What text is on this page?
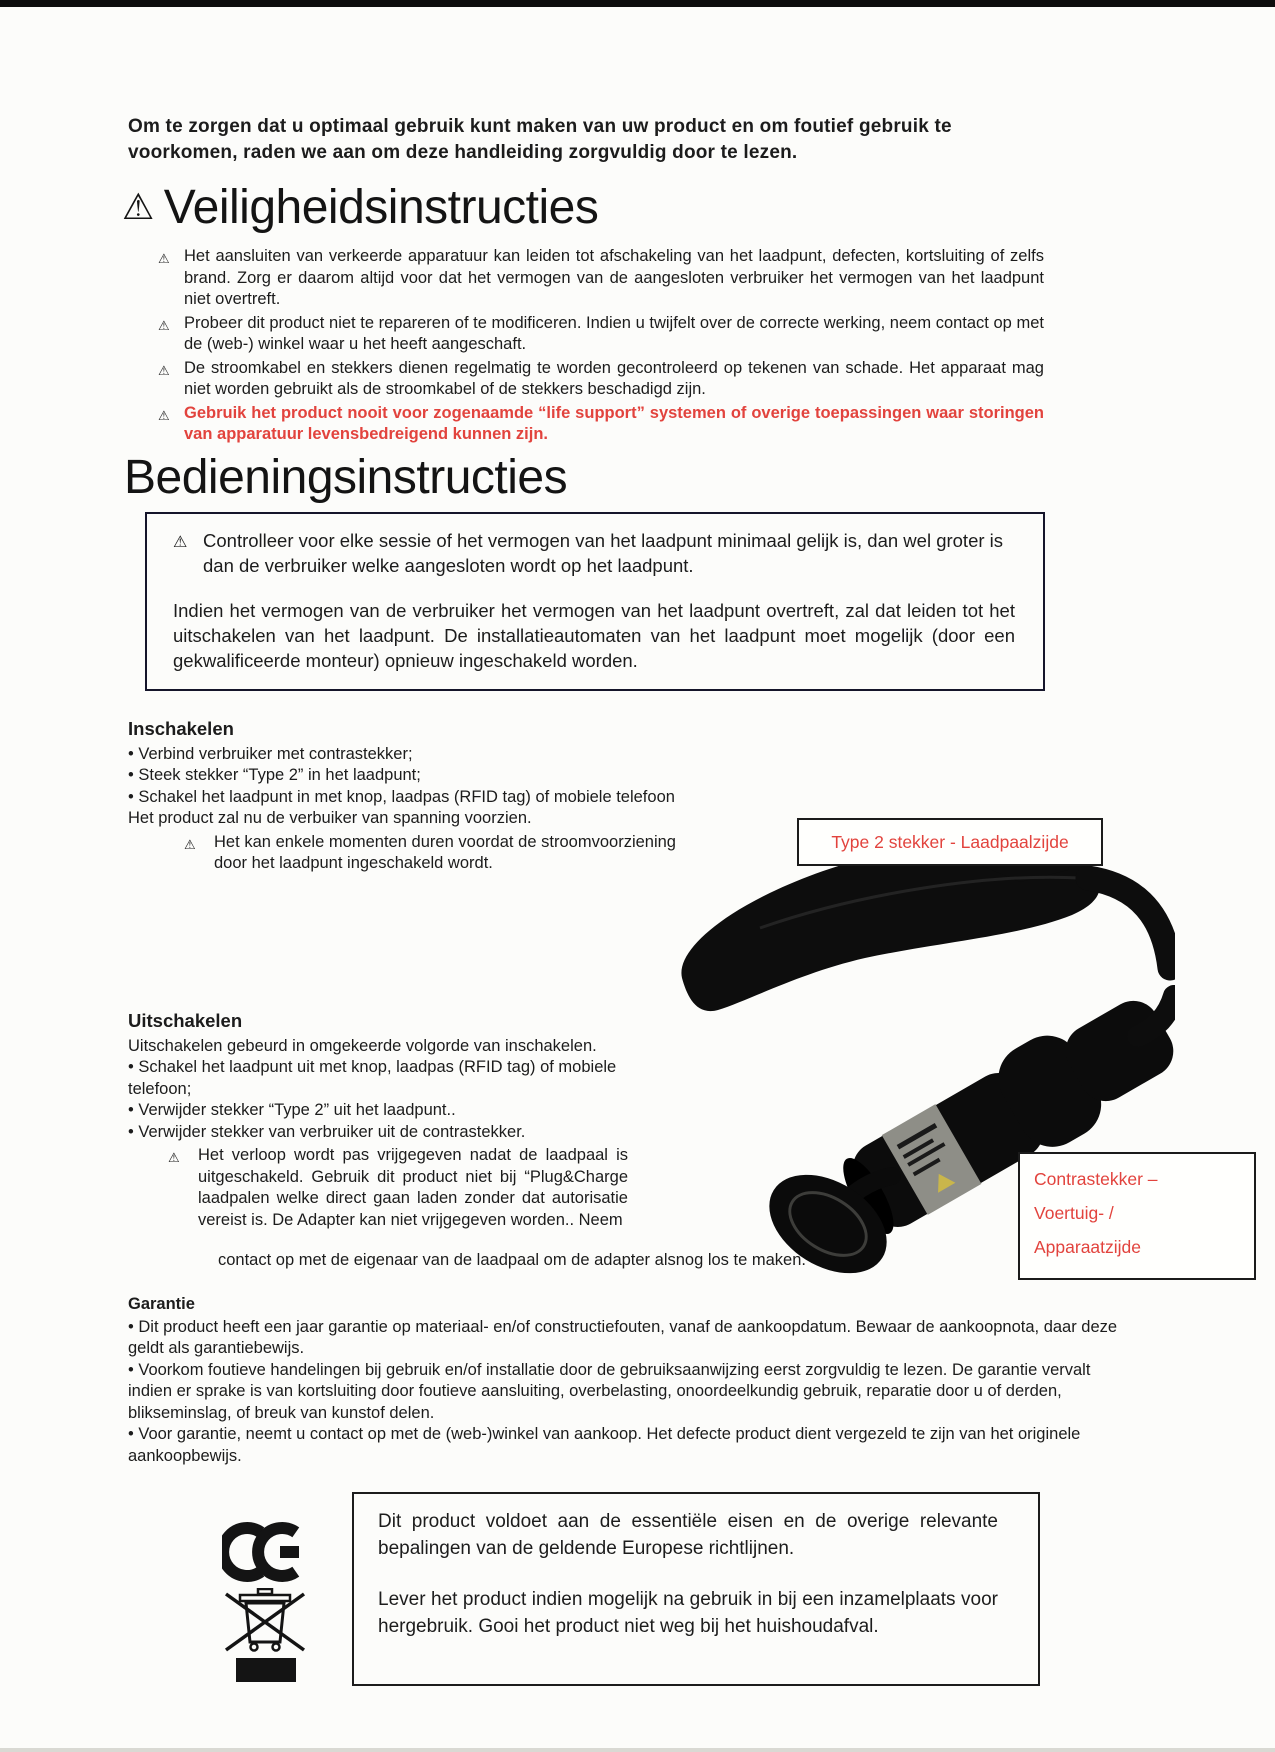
Om te zorgen dat u optimaal gebruik kunt maken van uw product en om foutief gebruik te voorkomen, raden we aan om deze handleiding zorgvuldig door te lezen.
⚠ Veiligheidsinstructies
⚠ Het aansluiten van verkeerde apparatuur kan leiden tot afschakeling van het laadpunt, defecten, kortsluiting of zelfs brand. Zorg er daarom altijd voor dat het vermogen van de aangesloten verbruiker het vermogen van het laadpunt niet overtreft.
⚠ Probeer dit product niet te repareren of te modificeren. Indien u twijfelt over de correcte werking, neem contact op met de (web-) winkel waar u het heeft aangeschaft.
⚠ De stroomkabel en stekkers dienen regelmatig te worden gecontroleerd op tekenen van schade. Het apparaat mag niet worden gebruikt als de stroomkabel of de stekkers beschadigd zijn.
⚠ Gebruik het product nooit voor zogenaamde “life support” systemen of overige toepassingen waar storingen van apparatuur levensbedreigend kunnen zijn.
Bedieningsinstructies
⚠ Controlleer voor elke sessie of het vermogen van het laadpunt minimaal gelijk is, dan wel groter is dan de verbruiker welke aangesloten wordt op het laadpunt.
Indien het vermogen van de verbruiker het vermogen van het laadpunt overtreft, zal dat leiden tot het uitschakelen van het laadpunt. De installatieautomaten van het laadpunt moet mogelijk (door een gekwalificeerde monteur) opnieuw ingeschakeld worden.
Inschakelen

• Verbind verbruiker met contrastekker;

• Steek stekker “Type 2” in het laadpunt;

• Schakel het laadpunt in met knop, laadpas (RFID tag) of mobiele telefoon

Het product zal nu de verbuiker van spanning voorzien.

⚠	Het kan enkele momenten duren voordat de stroomvoorziening door het laadpunt ingeschakeld wordt.
Uitschakelen

Uitschakelen gebeurd in omgekeerde volgorde van inschakelen.

• Schakel het laadpunt uit met knop, laadpas (RFID tag) of mobiele telefoon;

• Verwijder stekker “Type 2” uit het laadpunt..

• Verwijder stekker van verbruiker uit de contrastekker.

⚠	Het verloop wordt pas vrijgegeven nadat de laadpaal is uitgeschakeld. Gebruik dit product niet bij “Plug&Charge laadpalen welke direct gaan laden zonder dat autorisatie vereist is. De Adapter kan niet vrijgegeven worden.. Neem
contact op met de eigenaar van de laadpaal om de adapter alsnog los te maken.
Type 2 stekker - Laadpaalzijde
Contrastekker –
Voertuig- /
Apparaatzijde
Garantie

• Dit product heeft een jaar garantie op materiaal- en/of constructiefouten, vanaf de aankoopdatum. Bewaar de aankoopnota, daar deze geldt als garantiebewijs.

• Voorkom foutieve handelingen bij gebruik en/of installatie door de gebruiksaanwijzing eerst zorgvuldig te lezen. De garantie vervalt indien er sprake is van kortsluiting door foutieve aansluiting, overbelasting, onoordeelkundig gebruik, reparatie door u of derden, blikseminslag, of breuk van kunstof delen.

• Voor garantie, neemt u contact op met de (web-)winkel van aankoop. Het defecte product dient vergezeld te zijn van het originele aankoopbewijs.

Dit product voldoet aan de essentiële eisen en de overige relevante bepalingen van de geldende Europese richtlijnen.

Lever het product indien mogelijk na gebruik in bij een inzamelplaats voor hergebruik. Gooi het product niet weg bij het huishoudafval.
